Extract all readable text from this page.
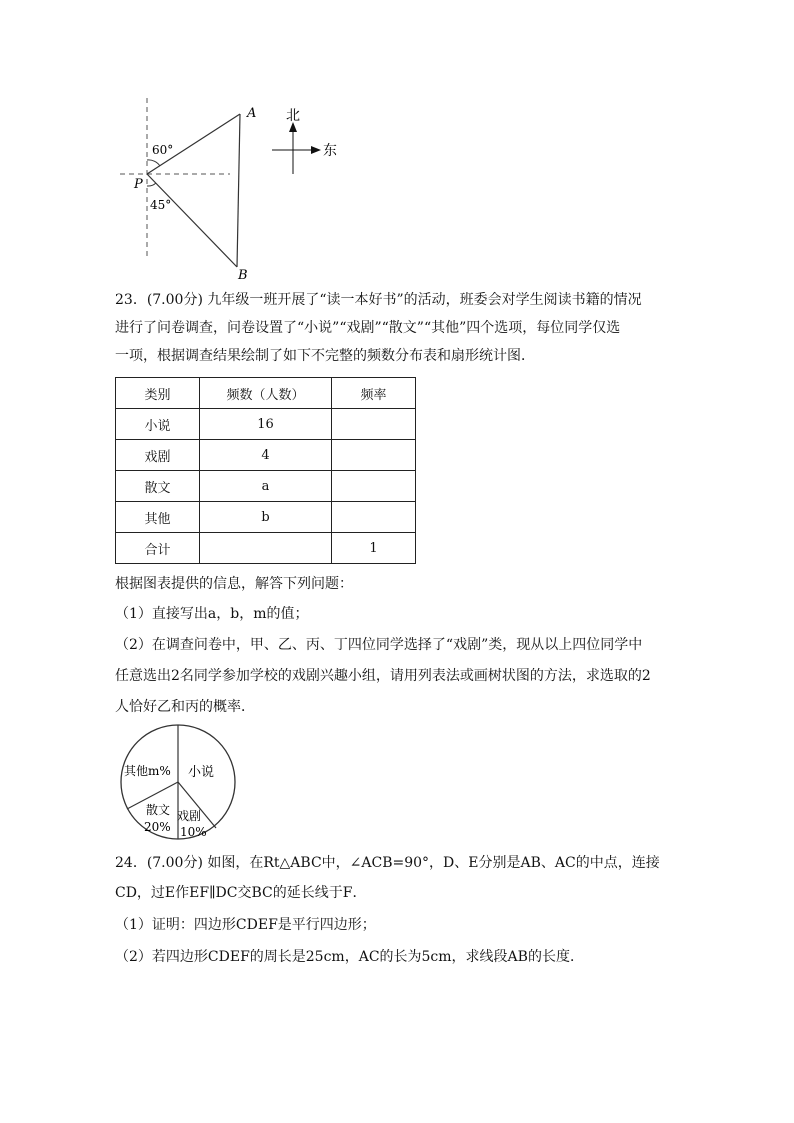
A
B
P
60°
45°
北
东
23．(7.00分) 九年级一班开展了“读一本好书”的活动，班委会对学生阅读书籍的情况
进行了问卷调查，问卷设置了“小说”“戏剧”“散文”“其他”四个选项，每位同学仅选
一项，根据调查结果绘制了如下不完整的频数分布表和扇形统计图．
类别	频数（人数）	频率
小说	16	
戏剧	4	
散文	a	
其他	b	
合计		1
根据图表提供的信息，解答下列问题：
（1）直接写出a，b，m的值；
（2）在调查问卷中，甲、乙、丙、丁四位同学选择了“戏剧”类，现从以上四位同学中
任意选出2名同学参加学校的戏剧兴趣小组，请用列表法或画树状图的方法，求选取的2
人恰好乙和丙的概率．
小说
其他m%
散文
20%
戏剧
10%
24．(7.00分) 如图，在Rt△ABC中，∠ACB=90°，D、E分别是AB、AC的中点，连接
CD，过E作EF∥DC交BC的延长线于F．
（1）证明：四边形CDEF是平行四边形；
（2）若四边形CDEF的周长是25cm，AC的长为5cm，求线段AB的长度．
